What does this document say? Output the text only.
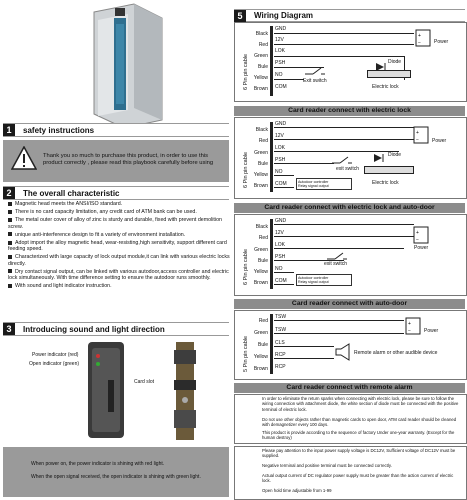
1	safety instructions
Thank you so much to purchase this product, in order to use this product correctly , please read this playbook carefully before using
2	The overall characteristic
Magnetic head meets the ANSI/ISO standard.
There is no card capacity limitation, any credit card of ATM bank can be used.
The metal outer cover of alloy of zinc is sturdy and durable, fixed with prevent demolition screw.
unique anti-interference design to fit a variety of environment installation.
Adopt import the alloy magnetic head, wear-resisting,high sensitivity, support different card feeding speed.
Characterized with large capacity of lock output module,it can link with various electric locks directly.
Dry contact signal output, can be linked with various autodoor,access controller and electric lock simultaneously. With time difference setting to ensure the autodoor runs smoothly.
With sound and light indicator instruction.
3	Introducing sound and light direction
Power indicator (red)
Open indicator (green)
Card slot
When power on, the power indicator is shining with red light.
When the open signal received, the open indicator is shining with green light.
5	Wiring Diagram
6 Pin pin cable
Black
Red
Green
Bule
Yellow
Brown
GND
12V
LOK
PSH
NO
COM
+
−	Power
Exit switch
Diode
Electric lock
Card reader connect with electric lock
6 Pin pin cable
Black
Red
Green
Bule
Yellow
Brown
GND
12V
LOK
PSH
NO
COM
+
−	Power
exit switch
Diode
Electric lock
Autodoor controller
Relay signal output
Card reader connect with electric lock and auto-door
6 Pin pin cable
Black
Red
Green
Bule
Yellow
Brown
GND
12V
LOK
PSH
NO
COM
+
−
Power
exit switch
Autodoor controller
Relay signal output
Card reader connect with auto-door
5 Pin pin cable
Red
Green
Bule
Yellow
Brown
TSW
TSW
CLS
RCP
RCP
+
−	Power
Remote alarm or other audible device
Card reader connect with remote alarm
In order to eliminate the return sparks when connecting with electric lock, please be sure to follow the wiring connection with attachment diode, the white section of diode must be connected with the positive terminal of electric lock.
Do not use other objects rather than magnetic cards to open door, ATM card reader should be cleaned with demagnetizer every 100 days.
This product is provide according to the sequence of factory Under one-year warranty. (Except for the human destroy)
Please pay attention to the input power supply voltage is DC12V, Sufficient voltage of DC12V must be supplied.
Negative terminal and positive terminal must be connected correctly.
Actual output current of DC regulator power supply must be greater than the action current of electric lock.
Open hold time adjustable from 1-99
